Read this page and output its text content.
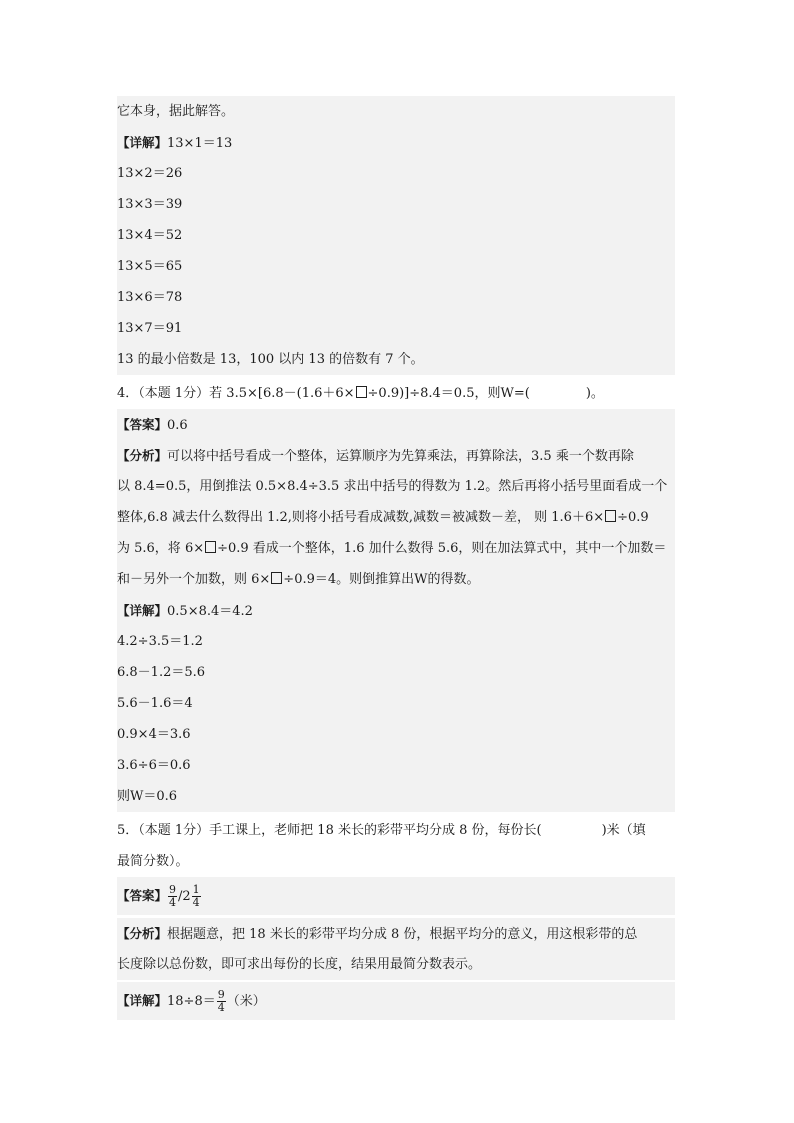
它本身，据此解答。
【详解】13×1＝13
13×2＝26
13×3＝39
13×4＝52
13×5＝65
13×6＝78
13×7＝91
13 的最小倍数是 13，100 以内 13 的倍数有 7 个。
4．（本题 1分）若 3.5×[6.8－(1.6＋6× ÷0.9)]÷8.4＝0.5，则W=(	)。
【答案】0.6
【分析】可以将中括号看成一个整体，运算顺序为先算乘法，再算除法，3.5 乘一个数再除
以 8.4=0.5，用倒推法 0.5×8.4÷3.5 求出中括号的得数为 1.2。然后再将小括号里面看成一个
整体,6.8 减去什么数得出 1.2,则将小括号看成减数,减数＝被减数－差， 则 1.6＋6× ÷0.9
为 5.6，将 6× ÷0.9 看成一个整体，1.6 加什么数得 5.6，则在加法算式中，其中一个加数＝
和－另外一个加数，则 6× ÷0.9＝4。则倒推算出W的得数。
【详解】0.5×8.4＝4.2
4.2÷3.5＝1.2
6.8－1.2＝5.6
5.6－1.6＝4
0.9×4＝3.6
3.6÷6＝0.6
则W＝0.6
5．（本题 1分）手工课上，老师把 18 米长的彩带平均分成 8 份，每份长(	)米（填
最简分数）。
【答案】 $\frac{9}{4} /2 \frac{1}{4}$
【分析】根据题意，把 18 米长的彩带平均分成 8 份，根据平均分的意义，用这根彩带的总
长度除以总份数，即可求出每份的长度，结果用最简分数表示。
【详解】$18\div 8= \frac{9}{4}$ （米）
